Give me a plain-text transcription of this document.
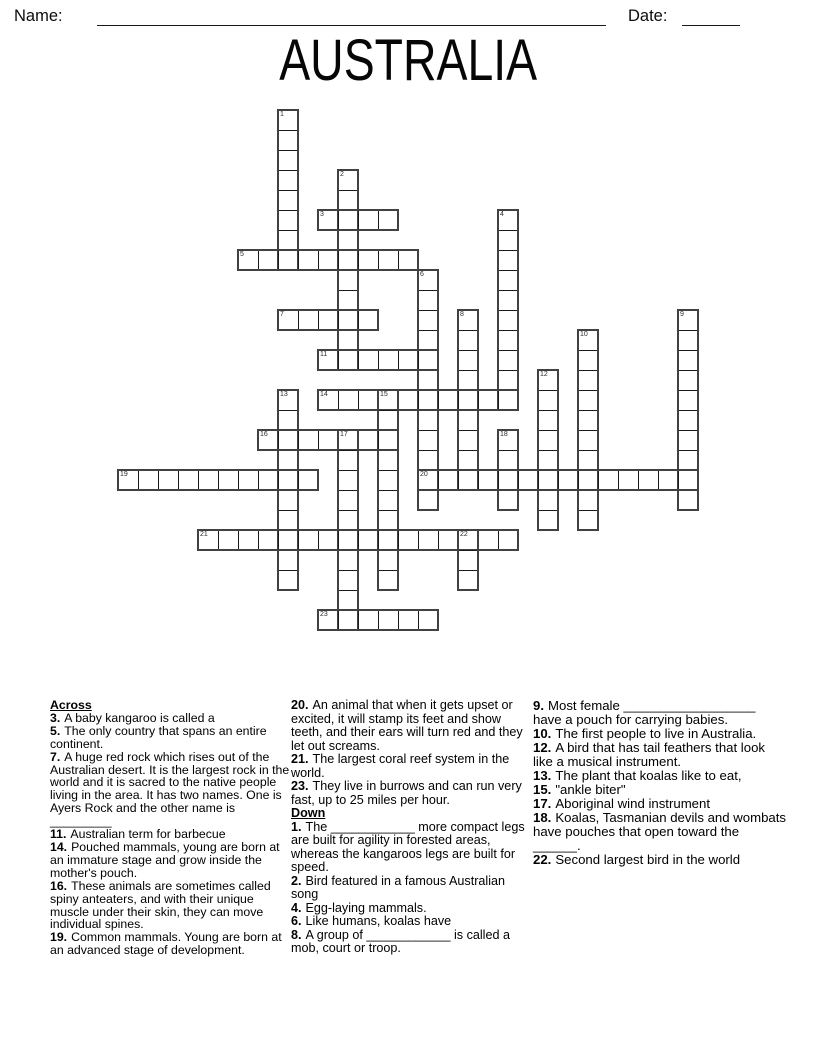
Name:	Date:
AUSTRALIA
1
2
3	4
5
6
7	8	9
10
11
12
13	14	15
16	17	18
19	20
21	22
23

Across

3. A baby kangaroo is called a

5. The only country that spans an entire continent.

7. A huge red rock which rises out of the Australian desert. It is the largest rock in the world and it is sacred to the native people living in the area. It has two names. One is Ayers Rock and the other name is _________

11. Australian term for barbecue

14. Pouched mammals, young are born at an immature stage and grow inside the mother's pouch.

16. These animals are sometimes called spiny anteaters, and with their unique muscle under their skin, they can move individual spines.

19. Common mammals. Young are born at an advanced stage of development.

20. An animal that when it gets upset or excited, it will stamp its feet and show teeth, and their ears will turn red and they let out screams.

21. The largest coral reef system in the world.

23. They live in burrows and can run very fast, up to 25 miles per hour.

Down

1. The ____________ more compact legs are built for agility in forested areas, whereas the kangaroos legs are built for speed.

2. Bird featured in a famous Australian song

4. Egg-laying mammals.

6. Like humans, koalas have

8. A group of ____________ is called a mob, court or troop.

9. Most female __________________ have a pouch for carrying babies.

10. The first people to live in Australia.

12. A bird that has tail feathers that look like a musical instrument.

13. The plant that koalas like to eat,

15. "ankle biter"

17. Aboriginal wind instrument

18. Koalas, Tasmanian devils and wombats have pouches that open toward the ______.

22. Second largest bird in the world
